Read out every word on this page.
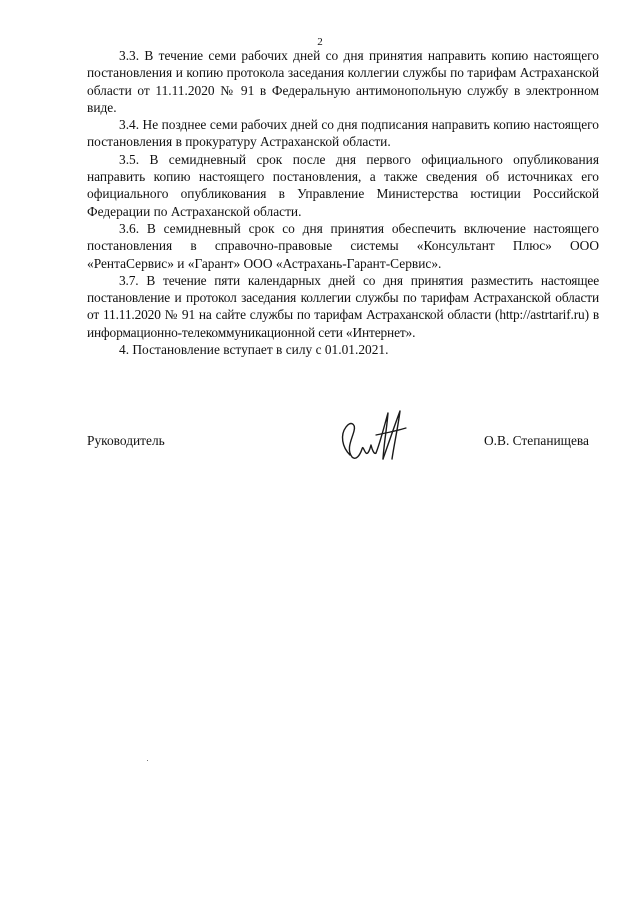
2

3.3. В течение семи рабочих дней со дня принятия направить копию настоящего постановления и копию протокола заседания коллегии службы по тарифам Астраханской области от 11.11.2020 № 91 в Федеральную антимонопольную службу в электронном виде.

3.4. Не позднее семи рабочих дней со дня подписания направить копию настоящего постановления в прокуратуру Астраханской области.

3.5. В семидневный срок после дня первого официального опубликования направить копию настоящего постановления, а также сведения об источниках его официального опубликования в Управление Министерства юстиции Российской Федерации по Астраханской области.

3.6. В семидневный срок со дня принятия обеспечить включение настоящего постановления в справочно-правовые системы «Консультант Плюс» ООО «РентаСервис» и «Гарант» ООО «Астрахань-Гарант-Сервис».

3.7. В течение пяти календарных дней со дня принятия разместить настоящее постановление и протокол заседания коллегии службы по тарифам Астраханской области от 11.11.2020 № 91 на сайте службы по тарифам Астраханской области (http://astrtarif.ru) в информационно-телекоммуникационной сети «Интернет».

4. Постановление вступает в силу с 01.01.2021.

Руководитель	О.В. Степанищева
